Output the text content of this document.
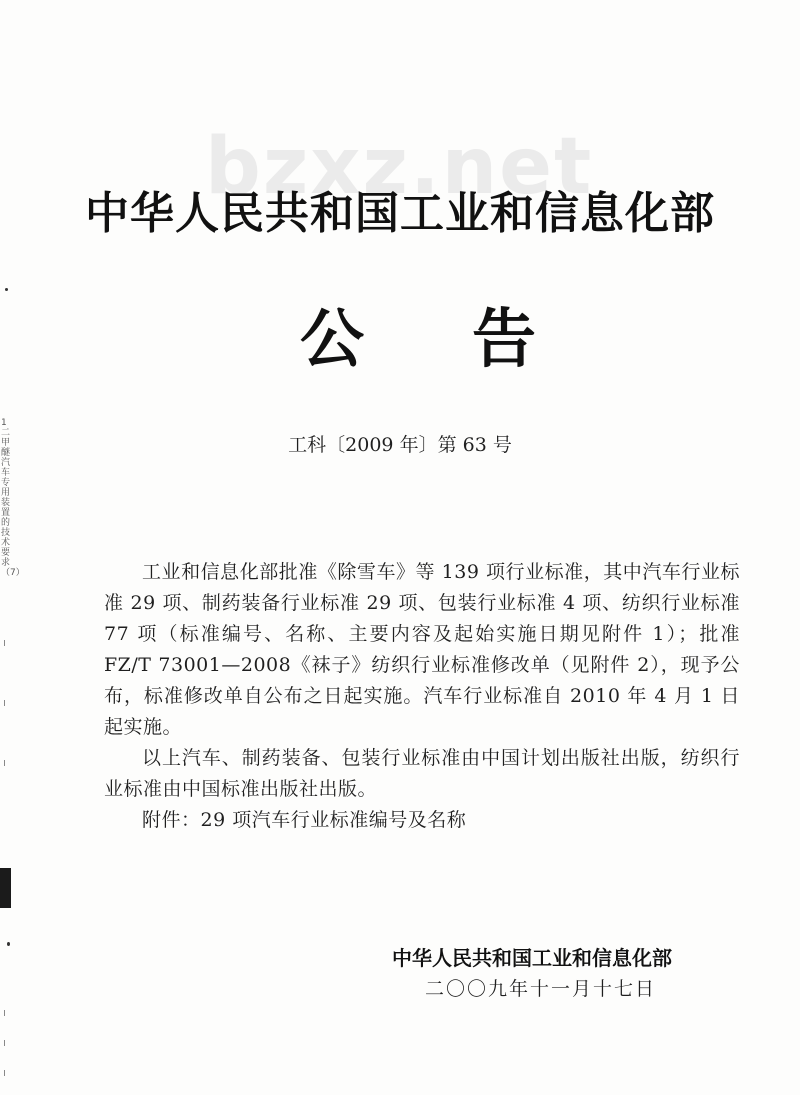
1 二甲醚汽车专用装置的技术要求（7）
bzxz.net
中华人民共和国工业和信息化部
公 告
工科〔2009 年〕第 63 号

工业和信息化部批准《除雪车》等 139 项行业标准，其中汽车行业标准 29 项、制药装备行业标准 29 项、包装行业标准 4 项、纺织行业标准 77 项（标准编号、名称、主要内容及起始实施日期见附件 1）；批准 FZ/T 73001—2008《袜子》纺织行业标准修改单（见附件 2），现予公布，标准修改单自公布之日起实施。汽车行业标准自 2010 年 4 月 1 日起实施。

以上汽车、制药装备、包装行业标准由中国计划出版社出版，纺织行业标准由中国标准出版社出版。

附件：29 项汽车行业标准编号及名称

中华人民共和国工业和信息化部
二〇〇九年十一月十七日
